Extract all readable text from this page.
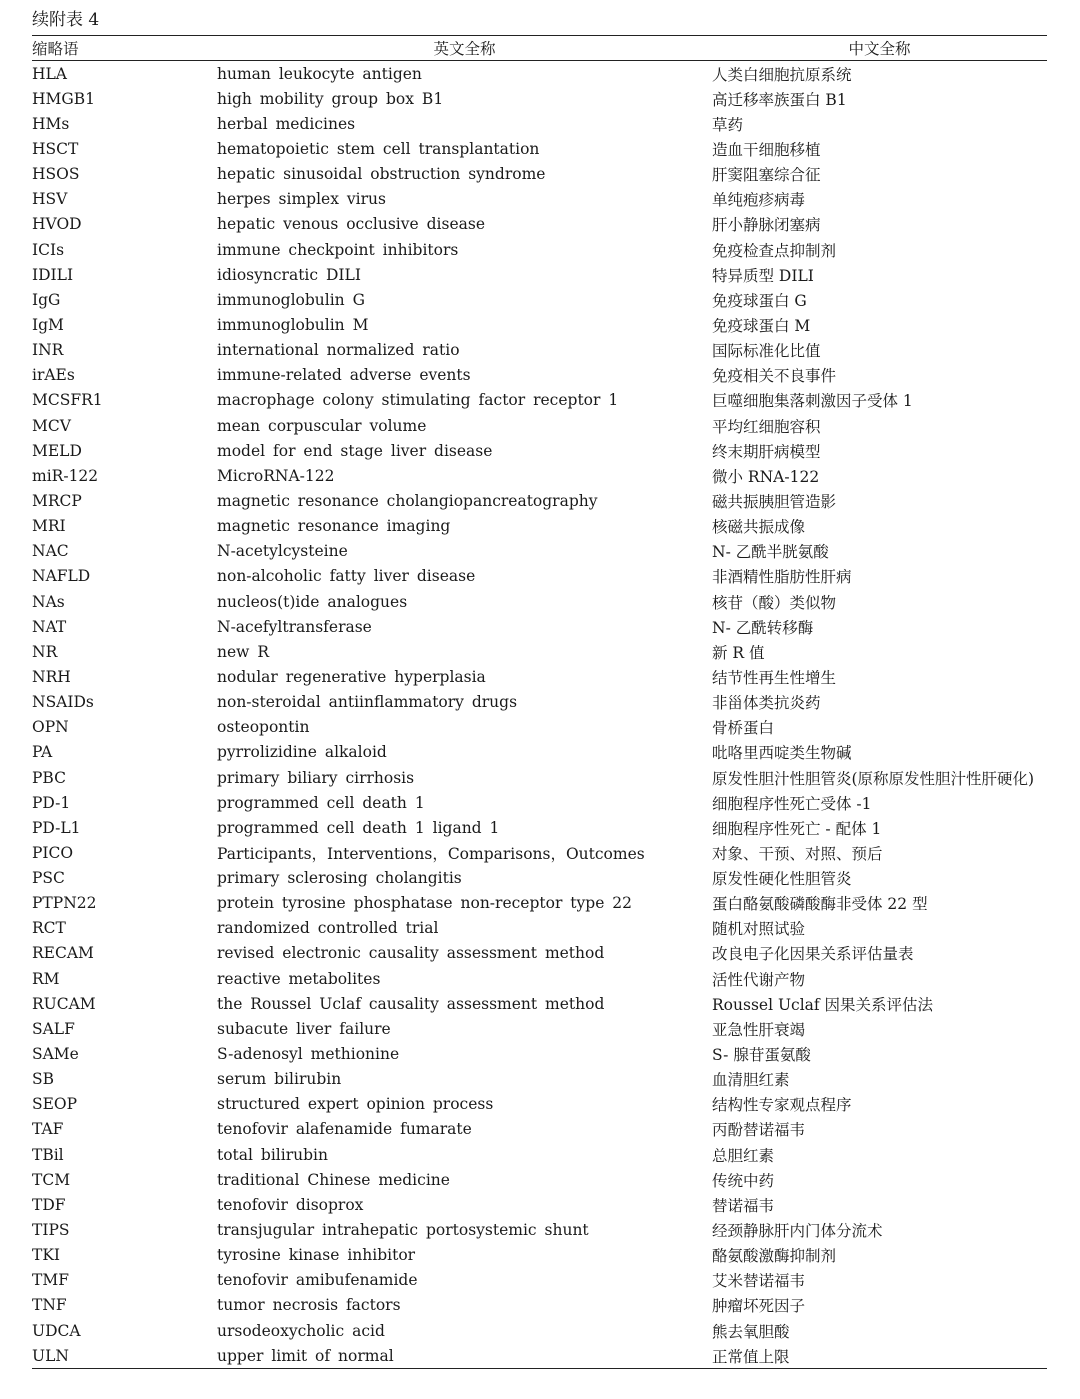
续附表 4
缩略语	英文全称	中文全称
HLA	human leukocyte antigen	人类白细胞抗原系统
HMGB1	high mobility group box B1	高迁移率族蛋白 B1
HMs	herbal medicines	草药
HSCT	hematopoietic stem cell transplantation	造血干细胞移植
HSOS	hepatic sinusoidal obstruction syndrome	肝窦阻塞综合征
HSV	herpes simplex virus	单纯疱疹病毒
HVOD	hepatic venous occlusive disease	肝小静脉闭塞病
ICIs	immune checkpoint inhibitors	免疫检查点抑制剂
IDILI	idiosyncratic DILI	特异质型 DILI
IgG	immunoglobulin G	免疫球蛋白 G
IgM	immunoglobulin M	免疫球蛋白 M
INR	international normalized ratio	国际标准化比值
irAEs	immune-related adverse events	免疫相关不良事件
MCSFR1	macrophage colony stimulating factor receptor 1	巨噬细胞集落刺激因子受体 1
MCV	mean corpuscular volume	平均红细胞容积
MELD	model for end stage liver disease	终末期肝病模型
miR-122	MicroRNA-122	微小 RNA-122
MRCP	magnetic resonance cholangiopancreatography	磁共振胰胆管造影
MRI	magnetic resonance imaging	核磁共振成像
NAC	N-acetylcysteine	N- 乙酰半胱氨酸
NAFLD	non-alcoholic fatty liver disease	非酒精性脂肪性肝病
NAs	nucleos(t)ide analogues	核苷（酸）类似物
NAT	N-acefyltransferase	N- 乙酰转移酶
NR	new R	新 R 值
NRH	nodular regenerative hyperplasia	结节性再生性增生
NSAIDs	non-steroidal antiinflammatory drugs	非甾体类抗炎药
OPN	osteopontin	骨桥蛋白
PA	pyrrolizidine alkaloid	吡咯里西啶类生物碱
PBC	primary biliary cirrhosis	原发性胆汁性胆管炎(原称原发性胆汁性肝硬化)
PD-1	programmed cell death 1	细胞程序性死亡受体 -1
PD-L1	programmed cell death 1 ligand 1	细胞程序性死亡 - 配体 1
PICO	Participants，Interventions，Comparisons，Outcomes	对象、干预、对照、预后
PSC	primary sclerosing cholangitis	原发性硬化性胆管炎
PTPN22	protein tyrosine phosphatase non-receptor type 22	蛋白酪氨酸磷酸酶非受体 22 型
RCT	randomized controlled trial	随机对照试验
RECAM	revised electronic causality assessment method	改良电子化因果关系评估量表
RM	reactive metabolites	活性代谢产物
RUCAM	the Roussel Uclaf causality assessment method	Roussel Uclaf 因果关系评估法
SALF	subacute liver failure	亚急性肝衰竭
SAMe	S-adenosyl methionine	S- 腺苷蛋氨酸
SB	serum bilirubin	血清胆红素
SEOP	structured expert opinion process	结构性专家观点程序
TAF	tenofovir alafenamide fumarate	丙酚替诺福韦
TBil	total bilirubin	总胆红素
TCM	traditional Chinese medicine	传统中药
TDF	tenofovir disoprox	替诺福韦
TIPS	transjugular intrahepatic portosystemic shunt	经颈静脉肝内门体分流术
TKI	tyrosine kinase inhibitor	酪氨酸激酶抑制剂
TMF	tenofovir amibufenamide	艾米替诺福韦
TNF	tumor necrosis factors	肿瘤坏死因子
UDCA	ursodeoxycholic acid	熊去氧胆酸
ULN	upper limit of normal	正常值上限
